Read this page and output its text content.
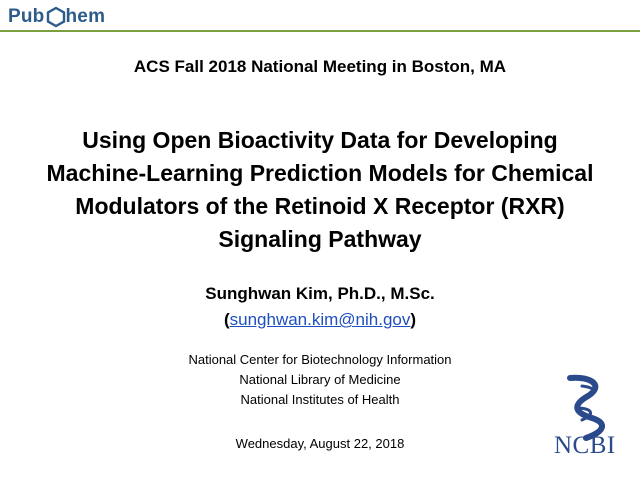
Pub hem
ACS Fall 2018 National Meeting in Boston, MA
Using Open Bioactivity Data for Developing
Machine-Learning Prediction Models for Chemical
Modulators of the Retinoid X Receptor (RXR)
Signaling Pathway
Sunghwan Kim, Ph.D., M.Sc.
(sunghwan.kim@nih.gov)
National Center for Biotechnology Information
National Library of Medicine
National Institutes of Health
Wednesday, August 22, 2018	NCBI
